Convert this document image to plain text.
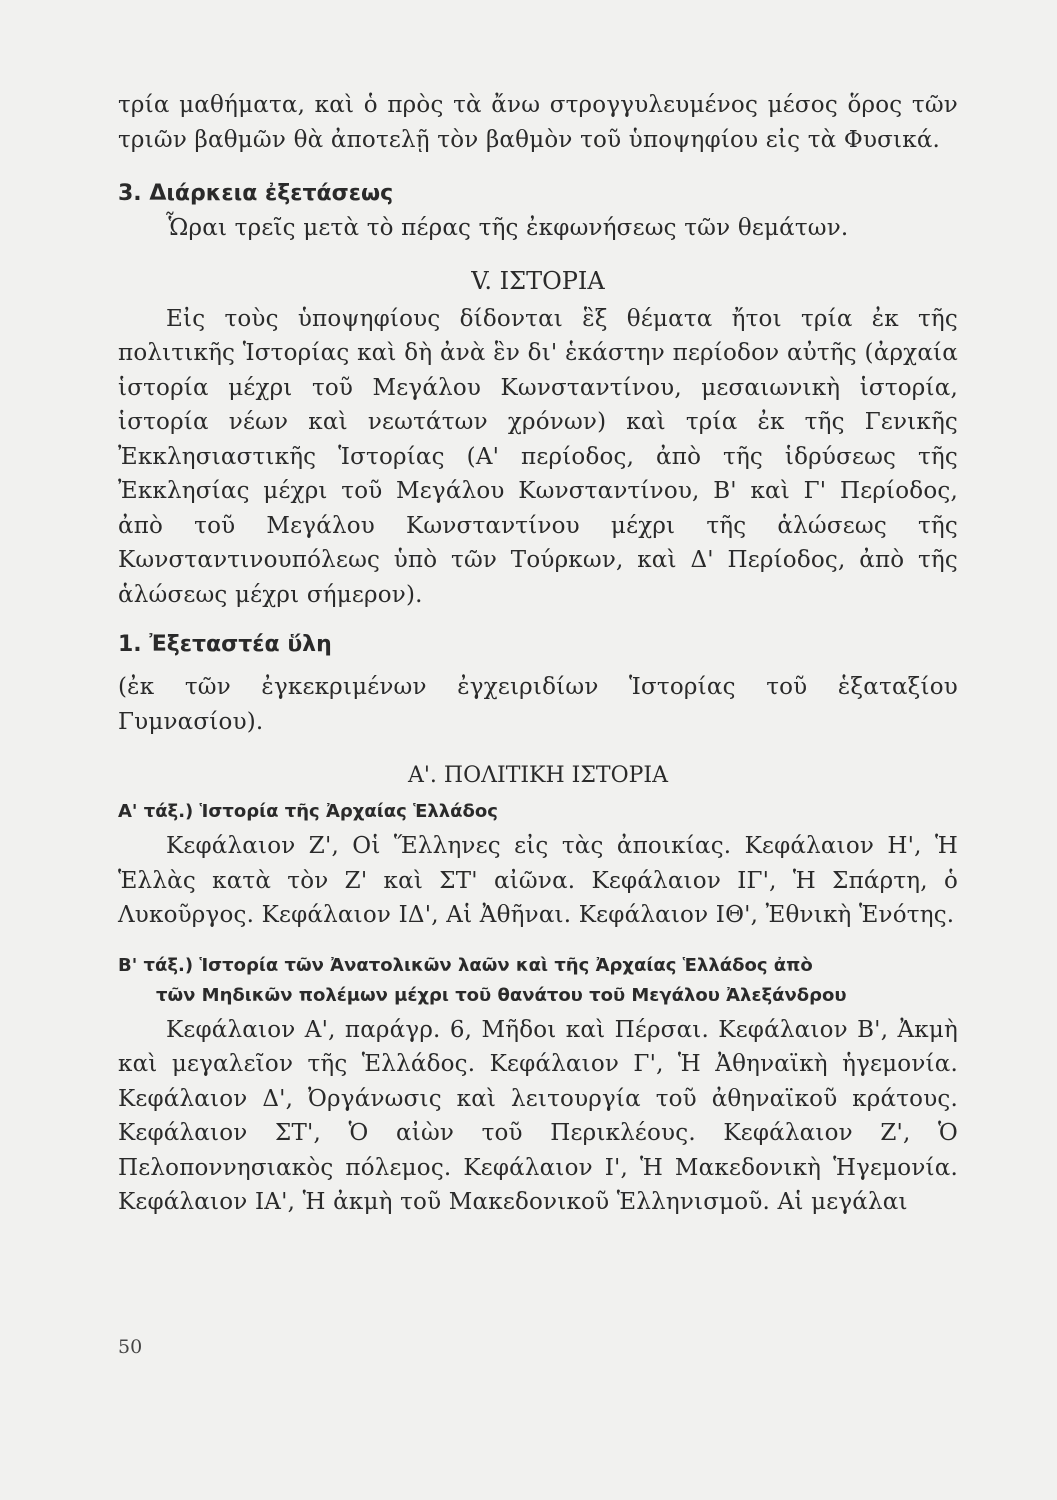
τρία μαθήματα, καὶ ὁ πρὸς τὰ ἄνω στρογγυλευμένος μέσος ὅρος τῶν τριῶν βαθμῶν θὰ ἀποτελῇ τὸν βαθμὸν τοῦ ὑποψηφίου εἰς τὰ Φυσικά.

3. Διάρκεια ἐξετάσεως

Ὧραι τρεῖς μετὰ τὸ πέρας τῆς ἐκφωνήσεως τῶν θεμάτων.

V. ΙΣΤΟΡΙΑ

Εἰς τοὺς ὑποψηφίους δίδονται ἓξ θέματα ἤτοι τρία ἐκ τῆς πολιτικῆς Ἱστορίας καὶ δὴ ἀνὰ ἓν δι' ἑκάστην περίοδον αὐτῆς (ἀρχαία ἱστορία μέχρι τοῦ Μεγάλου Κωνσταντίνου, μεσαιωνικὴ ἱστορία, ἱστορία νέων καὶ νεωτάτων χρόνων) καὶ τρία ἐκ τῆς Γενικῆς Ἐκκλησιαστικῆς Ἱστορίας (Α' περίοδος, ἀπὸ τῆς ἱδρύσεως τῆς Ἐκκλησίας μέχρι τοῦ Μεγάλου Κωνσταντίνου, Β' καὶ Γ' Περίοδος, ἀπὸ τοῦ Μεγάλου Κωνσταντίνου μέχρι τῆς ἁλώσεως τῆς Κωνσταντινουπόλεως ὑπὸ τῶν Τούρκων, καὶ Δ' Περίοδος, ἀπὸ τῆς ἁλώσεως μέχρι σήμερον).

1. Ἐξεταστέα ὕλη

(ἐκ τῶν ἐγκεκριμένων ἐγχειριδίων Ἱστορίας τοῦ ἑξαταξίου Γυμνασίου).

Α'. ΠΟΛΙΤΙΚΗ ΙΣΤΟΡΙΑ

Α' τάξ.) Ἱστορία τῆς Ἀρχαίας Ἑλλάδος

Κεφάλαιον Ζ', Οἱ Ἕλληνες εἰς τὰς ἀποικίας. Κεφάλαιον Η', Ἡ Ἑλλὰς κατὰ τὸν Ζ' καὶ ΣΤ' αἰῶνα. Κεφάλαιον ΙΓ', Ἡ Σπάρτη, ὁ Λυκοῦργος. Κεφάλαιον ΙΔ', Αἱ Ἀθῆναι. Κεφάλαιον ΙΘ', Ἐθνικὴ Ἑνότης.

Β' τάξ.) Ἱστορία τῶν Ἀνατολικῶν λαῶν καὶ τῆς Ἀρχαίας Ἑλλάδος ἀπὸ

τῶν Μηδικῶν πολέμων μέχρι τοῦ θανάτου τοῦ Μεγάλου Ἀλεξάνδρου

Κεφάλαιον Α', παράγρ. 6, Μῆδοι καὶ Πέρσαι. Κεφάλαιον Β', Ἀκμὴ καὶ μεγαλεῖον τῆς Ἑλλάδος. Κεφάλαιον Γ', Ἡ Ἀθηναϊκὴ ἡγεμονία. Κεφάλαιον Δ', Ὀργάνωσις καὶ λειτουργία τοῦ ἀθηναϊκοῦ κράτους. Κεφάλαιον ΣΤ', Ὁ αἰὼν τοῦ Περικλέους. Κεφάλαιον Ζ', Ὁ Πελοποννησιακὸς πόλεμος. Κεφάλαιον Ι', Ἡ Μακεδονικὴ Ἡγεμονία. Κεφάλαιον ΙΑ', Ἡ ἀκμὴ τοῦ Μακεδονικοῦ Ἑλληνισμοῦ. Αἱ μεγάλαι

50
